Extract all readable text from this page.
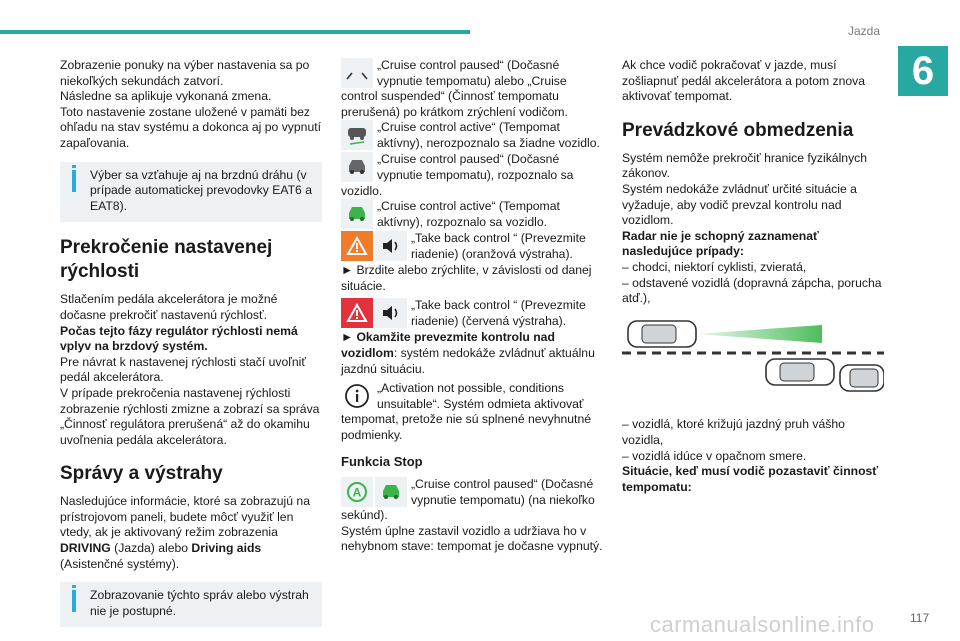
Jazda
6

Zobrazenie ponuky na výber nastavenia sa po niekoľkých sekundách zatvorí.

Následne sa aplikuje vykonaná zmena.

Toto nastavenie zostane uložené v pamäti bez ohľadu na stav systému a dokonca aj po vypnutí zapaľovania.

Výber sa vzťahuje aj na brzdnú dráhu (v prípade automatickej prevodovky EAT6 a EAT8).
Prekročenie nastavenej rýchlosti

Stlačením pedála akcelerátora je možné dočasne prekročiť nastavenú rýchlosť.

Počas tejto fázy regulátor rýchlosti nemá vplyv na brzdový systém.

Pre návrat k nastavenej rýchlosti stačí uvoľniť pedál akcelerátora.

V prípade prekročenia nastavenej rýchlosti zobrazenie rýchlosti zmizne a zobrazí sa správa „Činnosť regulátora prerušená“ až do okamihu uvoľnenia pedála akcelerátora.

Správy a výstrahy

Nasledujúce informácie, ktoré sa zobrazujú na prístrojovom paneli, budete môcť využiť len vtedy, ak je aktivovaný režim zobrazenia DRIVING (Jazda) alebo Driving aids (Asistenčné systémy).

Zobrazovanie týchto správ alebo výstrah nie je postupné.
„Cruise control paused“ (Dočasné vypnutie tempomatu) alebo „Cruise control suspended“ (Činnosť tempomatu prerušená) po krátkom zrýchlení vodičom.
„Cruise control active“ (Tempomat aktívny), nerozpoznalo sa žiadne vozidlo.
„Cruise control paused“ (Dočasné vypnutie tempomatu), rozpoznalo sa vozidlo.
„Cruise control active“ (Tempomat aktívny), rozpoznalo sa vozidlo.
„Take back control “ (Prevezmite riadenie) (oranžová výstraha).

► Brzdite alebo zrýchlite, v závislosti od danej situácie.

„Take back control “ (Prevezmite riadenie) (červená výstraha).

► Okamžite prevezmite kontrolu nad vozidlom: systém nedokáže zvládnuť aktuálnu jazdnú situáciu.

„Activation not possible, conditions unsuitable“. Systém odmieta aktivovať tempomat, pretože nie sú splnené nevyhnutné podmienky.
Funkcia Stop
A
„Cruise control paused“ (Dočasné vypnutie tempomatu) (na niekoľko sekúnd).

Systém úplne zastavil vozidlo a udržiava ho v nehybnom stave: tempomat je dočasne vypnutý.

Ak chce vodič pokračovať v jazde, musí zošliapnuť pedál akcelerátora a potom znova aktivovať tempomat.

Prevádzkové obmedzenia

Systém nemôže prekročiť hranice fyzikálnych zákonov.

Systém nedokáže zvládnuť určité situácie a vyžaduje, aby vodič prevzal kontrolu nad vozidlom.

Radar nie je schopný zaznamenať nasledujúce prípady:

– chodci, niektorí cyklisti, zvieratá,

– odstavené vozidlá (dopravná zápcha, porucha atď.),

– vozidlá, ktoré križujú jazdný pruh vášho vozidla,

– vozidlá idúce v opačnom smere.

Situácie, keď musí vodič pozastaviť činnosť tempomatu:

carmanualsonline.info	117
